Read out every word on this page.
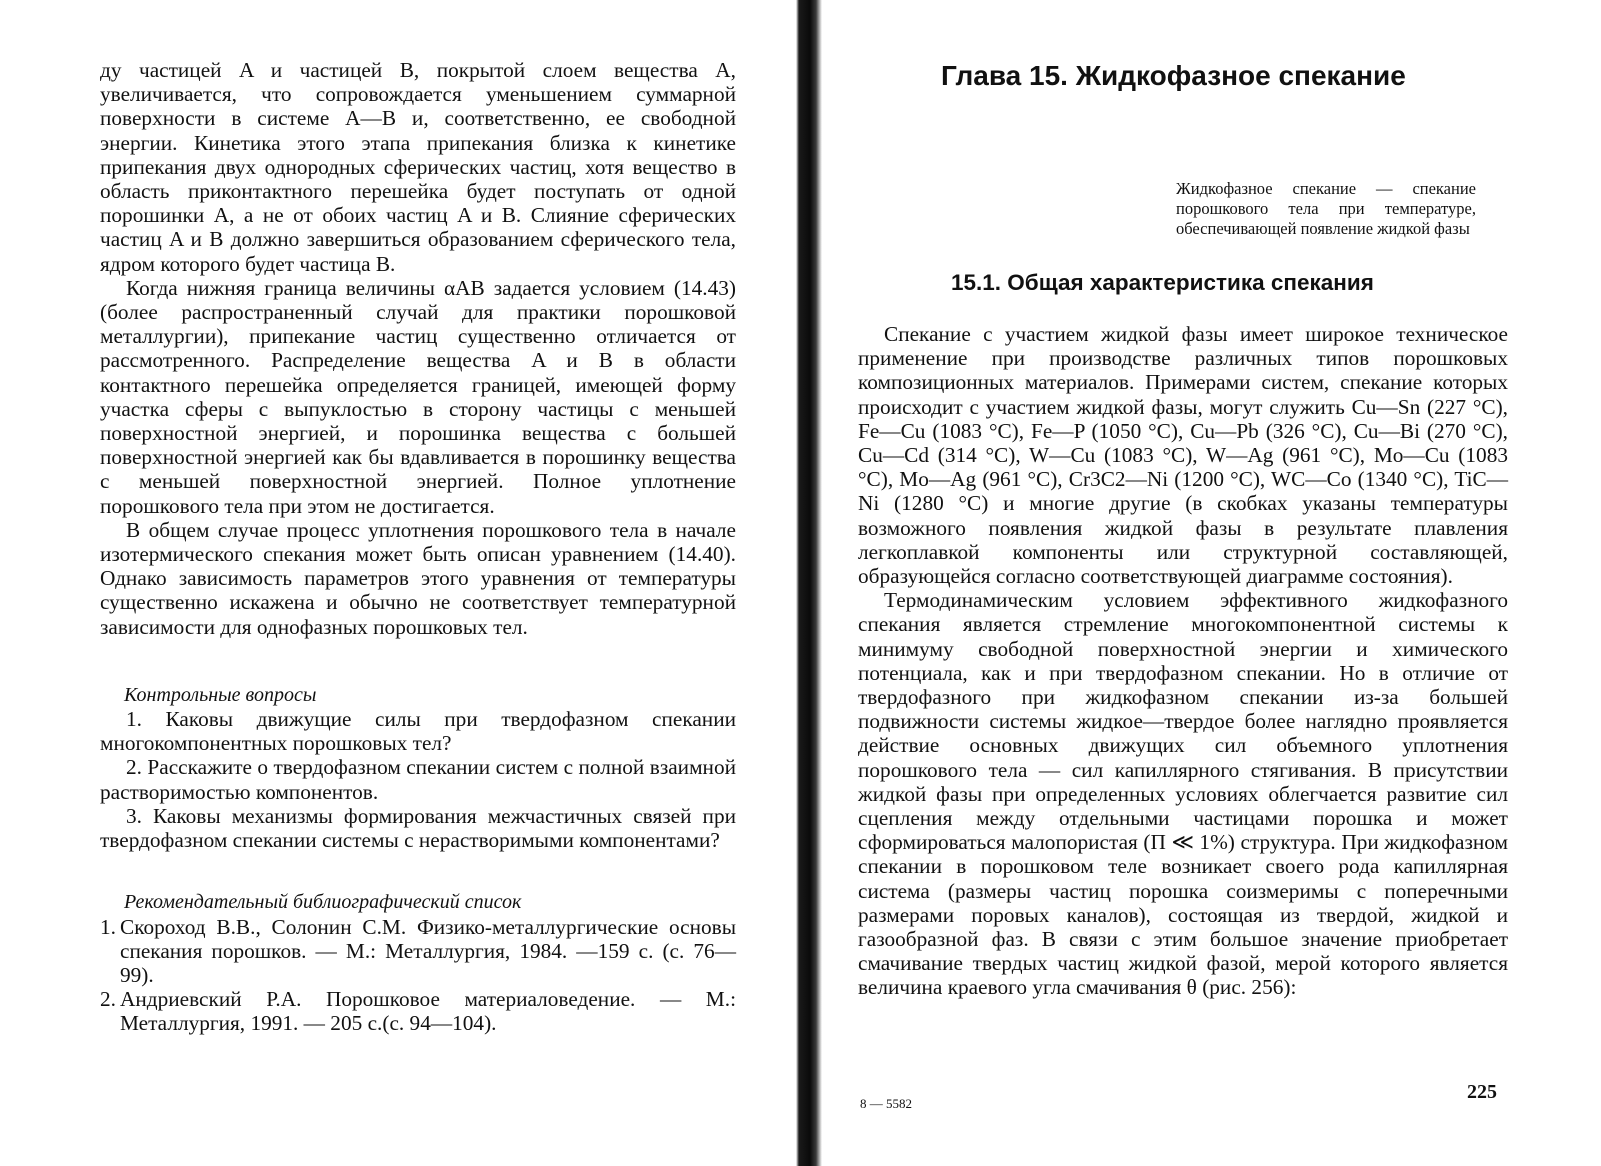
ду частицей A и частицей B, покрытой слоем вещества A, увеличивается, что сопровождается уменьшением суммарной поверхности в системе A—B и, соответственно, ее свободной энергии. Кинетика этого этапа припекания близка к кинетике припекания двух однородных сферических частиц, хотя вещество в область приконтактного перешейка будет поступать от одной порошинки A, а не от обоих частиц A и B. Слияние сферических частиц A и B должно завершиться образованием сферического тела, ядром которого будет частица B.

Когда нижняя граница величины αAB задается условием (14.43) (более распространенный случай для практики порошковой металлургии), припекание частиц существенно отличается от рассмотренного. Распределение вещества A и B в области контактного перешейка определяется границей, имеющей форму участка сферы с выпуклостью в сторону частицы с меньшей поверхностной энергией, и порошинка вещества с большей поверхностной энергией как бы вдавливается в порошинку вещества с меньшей поверхностной энергией. Полное уплотнение порошкового тела при этом не достигается.

В общем случае процесс уплотнения порошкового тела в начале изотермического спекания может быть описан уравнением (14.40). Однако зависимость параметров этого уравнения от температуры существенно искажена и обычно не соответствует температурной зависимости для однофазных порошковых тел.

Контрольные вопросы

1. Каковы движущие силы при твердофазном спекании многокомпонентных порошковых тел?

2. Расскажите о твердофазном спекании систем с полной взаимной растворимостью компонентов.

3. Каковы механизмы формирования межчастичных связей при твердофазном спекании системы с нерастворимыми компонентами?

Рекомендательный библиографический список

1. Скороход В.В., Солонин С.М. Физико-металлургические основы спекания порошков. — М.: Металлургия, 1984. —159 с. (с. 76—99).
2. Андриевский Р.А. Порошковое материаловедение. — М.: Металлургия, 1991. — 205 с.(с. 94—104).
Глава 15. Жидкофазное спекание
Жидкофазное спекание — спекание порошкового тела при температуре, обеспечивающей появление жидкой фазы
15.1. Общая характеристика спекания

Спекание с участием жидкой фазы имеет широкое техническое применение при производстве различных типов порошковых композиционных материалов. Примерами систем, спекание которых происходит с участием жидкой фазы, могут служить Cu—Sn (227 °C), Fe—Cu (1083 °C), Fe—P (1050 °C), Cu—Pb (326 °C), Cu—Bi (270 °C), Cu—Cd (314 °C), W—Cu (1083 °C), W—Ag (961 °C), Mo—Cu (1083 °C), Mo—Ag (961 °C), Cr3C2—Ni (1200 °C), WC—Co (1340 °C), TiC—Ni (1280 °C) и многие другие (в скобках указаны температуры возможного появления жидкой фазы в результате плавления легкоплавкой компоненты или структурной составляющей, образующейся согласно соответствующей диаграмме состояния).

Термодинамическим условием эффективного жидкофазного спекания является стремление многокомпонентной системы к минимуму свободной поверхностной энергии и химического потенциала, как и при твердофазном спекании. Но в отличие от твердофазного при жидкофазном спекании из-за большей подвижности системы жидкое—твердое более наглядно проявляется действие основных движущих сил объемного уплотнения порошкового тела — сил капиллярного стягивания. В присутствии жидкой фазы при определенных условиях облегчается развитие сил сцепления между отдельными частицами порошка и может сформироваться малопористая (П ≪ 1%) структура. При жидкофазном спекании в порошковом теле возникает своего рода капиллярная система (размеры частиц порошка соизмеримы с поперечными размерами поровых каналов), состоящая из твердой, жидкой и газообразной фаз. В связи с этим большое значение приобретает смачивание твердых частиц жидкой фазой, мерой которого является величина краевого угла смачивания θ (рис. 256):

8 — 5582
225
